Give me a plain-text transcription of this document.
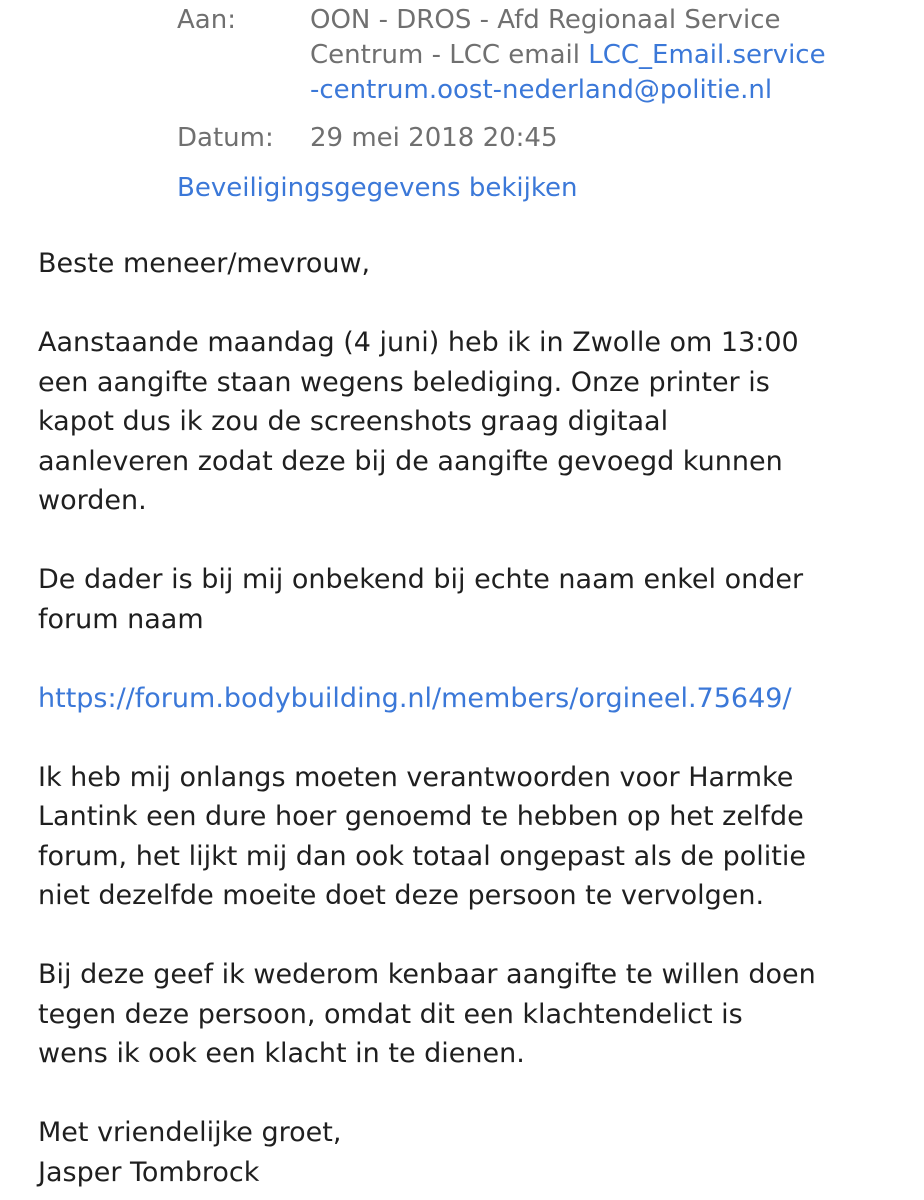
Aan:	OON - DROS - Afd Regionaal Service
Centrum - LCC email LCC_Email.service
-centrum.oost-nederland@politie.nl
Datum: 29 mei 2018 20:45
Beveiligingsgegevens bekijken

Beste meneer/mevrouw,

Aanstaande maandag (4 juni) heb ik in Zwolle om 13:00
een aangifte staan wegens belediging. Onze printer is
kapot dus ik zou de screenshots graag digitaal
aanleveren zodat deze bij de aangifte gevoegd kunnen
worden.
De dader is bij mij onbekend bij echte naam enkel onder
forum naam
https://forum.bodybuilding.nl/members/orgineel.75649/
Ik heb mij onlangs moeten verantwoorden voor Harmke
Lantink een dure hoer genoemd te hebben op het zelfde
forum, het lijkt mij dan ook totaal ongepast als de politie
niet dezelfde moeite doet deze persoon te vervolgen.
Bij deze geef ik wederom kenbaar aangifte te willen doen
tegen deze persoon, omdat dit een klachtendelict is
wens ik ook een klacht in te dienen.
Met vriendelijke groet,
Jasper Tombrock
